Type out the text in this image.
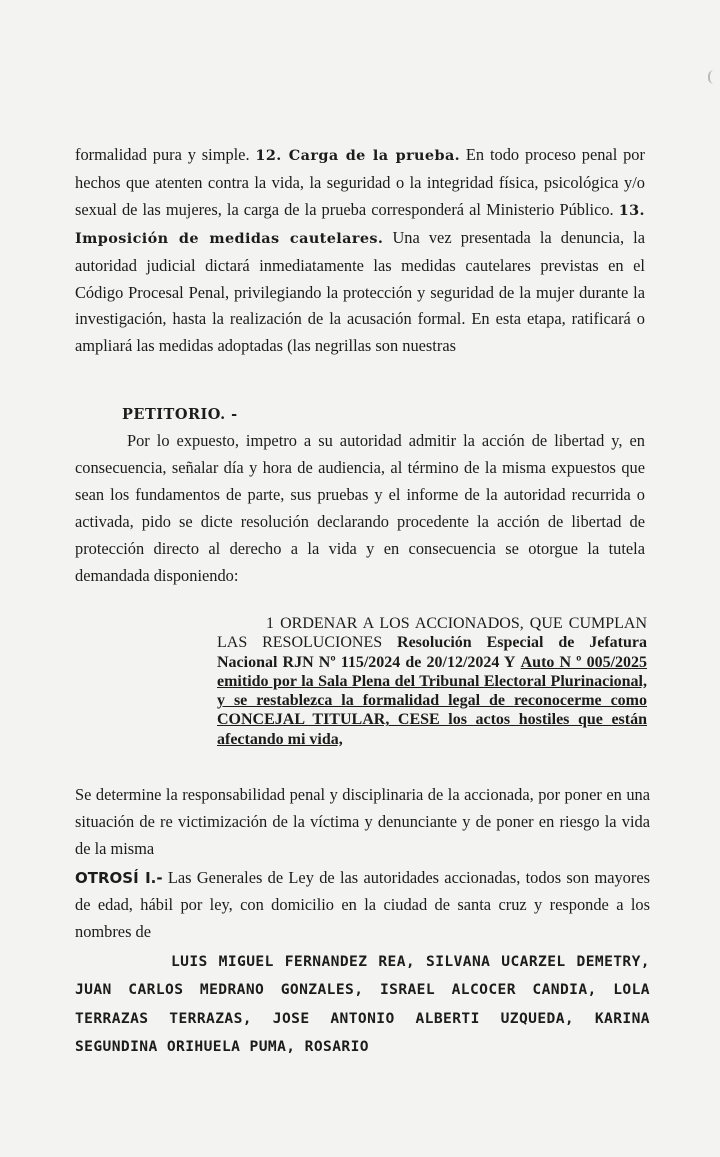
formalidad pura y simple. 12. Carga de la prueba. En todo proceso penal por hechos que atenten contra la vida, la seguridad o la integridad física, psicológica y/o sexual de las mujeres, la carga de la prueba corresponderá al Ministerio Público. 13. Imposición de medidas cautelares. Una vez presentada la denuncia, la autoridad judicial dictará inmediatamente las medidas cautelares previstas en el Código Procesal Penal, privilegiando la protección y seguridad de la mujer durante la investigación, hasta la realización de la acusación formal. En esta etapa, ratificará o ampliará las medidas adoptadas (las negrillas son nuestras

PETITORIO. -

Por lo expuesto, impetro a su autoridad admitir la acción de libertad y, en consecuencia, señalar día y hora de audiencia, al término de la misma expuestos que sean los fundamentos de parte, sus pruebas y el informe de la autoridad recurrida o activada, pido se dicte resolución declarando procedente la acción de libertad de protección directo al derecho a la vida y en consecuencia se otorgue la tutela demandada disponiendo:

1 ORDENAR A LOS ACCIONADOS, QUE CUMPLAN LAS RESOLUCIONES Resolución Especial de Jefatura Nacional RJN Nº 115/2024 de 20/12/2024 Y Auto N º 005/2025 emitido por la Sala Plena del Tribunal Electoral Plurinacional, y se restablezca la formalidad legal de reconocerme como CONCEJAL TITULAR, CESE los actos hostiles que están afectando mi vida,

Se determine la responsabilidad penal y disciplinaria de la accionada, por poner en una situación de re victimización de la víctima y denunciante y de poner en riesgo la vida de la misma

OTROSÍ I.- Las Generales de Ley de las autoridades accionadas, todos son mayores de edad, hábil por ley, con domicilio en la ciudad de santa cruz y responde a los nombres de

LUIS MIGUEL FERNANDEZ REA, SILVANA UCARZEL DEMETRY, JUAN CARLOS MEDRANO GONZALES, ISRAEL ALCOCER CANDIA, LOLA TERRAZAS TERRAZAS, JOSE ANTONIO ALBERTI UZQUEDA, KARINA SEGUNDINA ORIHUELA PUMA, ROSARIO
